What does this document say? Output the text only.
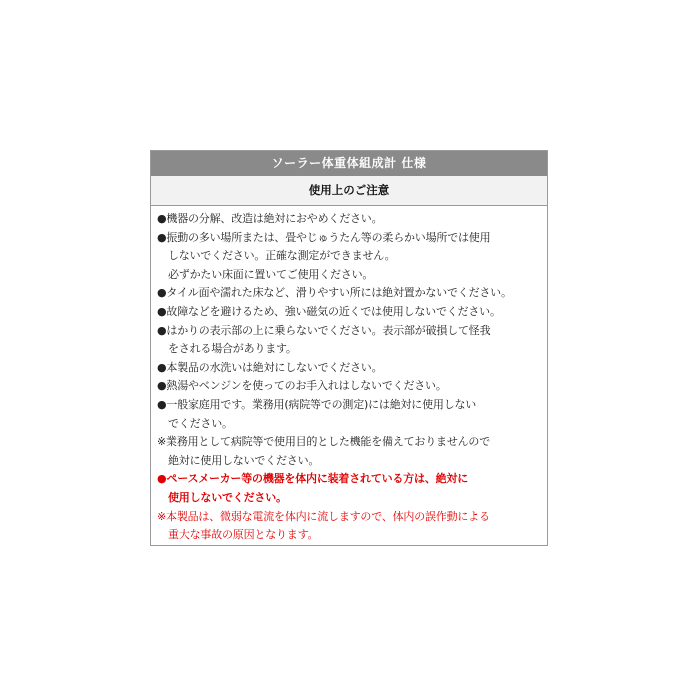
ソーラー体重体組成計 仕様
使用上のご注意
●機器の分解、改造は絶対におやめください。
●振動の多い場所または、畳やじゅうたん等の柔らかい場所では使用
しないでください。正確な測定ができません。
必ずかたい床面に置いてご使用ください。
●タイル面や濡れた床など、滑りやすい所には絶対置かないでください。
●故障などを避けるため、強い磁気の近くでは使用しないでください。
●はかりの表示部の上に乗らないでください。表示部が破損して怪我
をされる場合があります。
●本製品の水洗いは絶対にしないでください。
●熱湯やベンジンを使ってのお手入れはしないでください。
●一般家庭用です。業務用(病院等での測定)には絶対に使用しない
でください。
※業務用として病院等で使用目的とした機能を備えておりませんので
絶対に使用しないでください。
●ペースメーカー等の機器を体内に装着されている方は、絶対に
使用しないでください。
※本製品は、微弱な電流を体内に流しますので、体内の誤作動による
重大な事故の原因となります。
